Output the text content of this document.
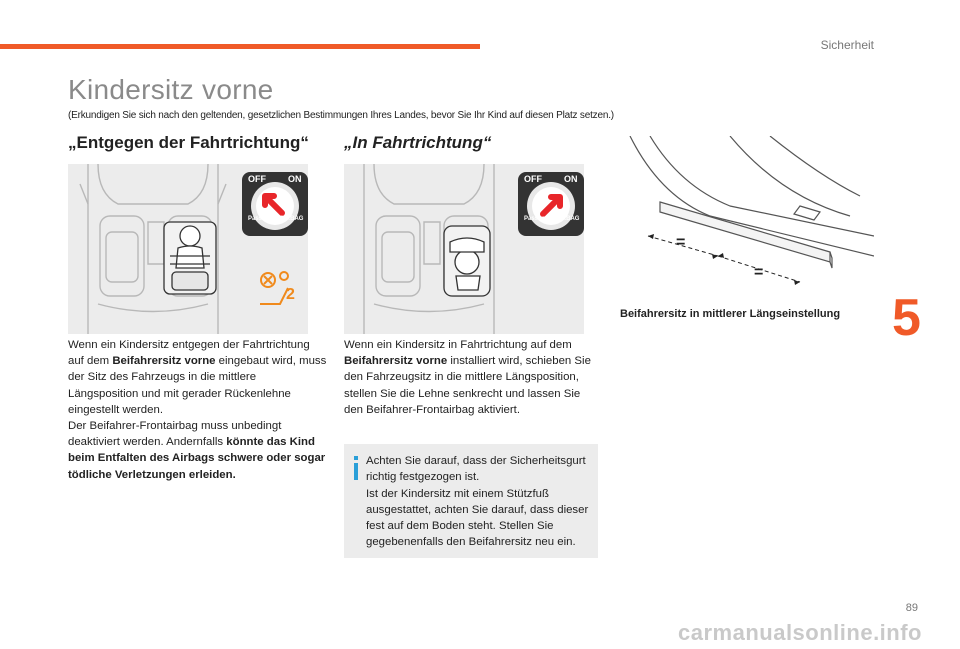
Sicherheit
Kindersitz vorne
(Erkundigen Sie sich nach den geltenden, gesetzlichen Bestimmungen Ihres Landes, bevor Sie Ihr Kind auf diesen Platz setzen.)
„Entgegen der Fahrtrichtung“
OFF ON
Passenger AIRBAG
2
Wenn ein Kindersitz entgegen der Fahrtrichtung auf dem Beifahrersitz vorne eingebaut wird, muss der Sitz des Fahrzeugs in die mittlere Längsposition und mit gerader Rückenlehne eingestellt werden.
Der Beifahrer-Frontairbag muss unbedingt deaktiviert werden. Andernfalls könnte das Kind beim Entfalten des Airbags schwere oder sogar tödliche Verletzungen erleiden.
„In Fahrtrichtung“
OFF ON
Passenger AIRBAG
Wenn ein Kindersitz in Fahrtrichtung auf dem Beifahrersitz vorne installiert wird, schieben Sie den Fahrzeugsitz in die mittlere Längsposition, stellen Sie die Lehne senkrecht und lassen Sie den Beifahrer-Frontairbag aktiviert.
Achten Sie darauf, dass der Sicherheitsgurt richtig festgezogen ist.
Ist der Kindersitz mit einem Stützfuß ausgestattet, achten Sie darauf, dass dieser fest auf dem Boden steht. Stellen Sie gegebenenfalls den Beifahrersitz neu ein.
=
=
Beifahrersitz in mittlerer Längseinstellung 5
89
carmanualsonline.info
